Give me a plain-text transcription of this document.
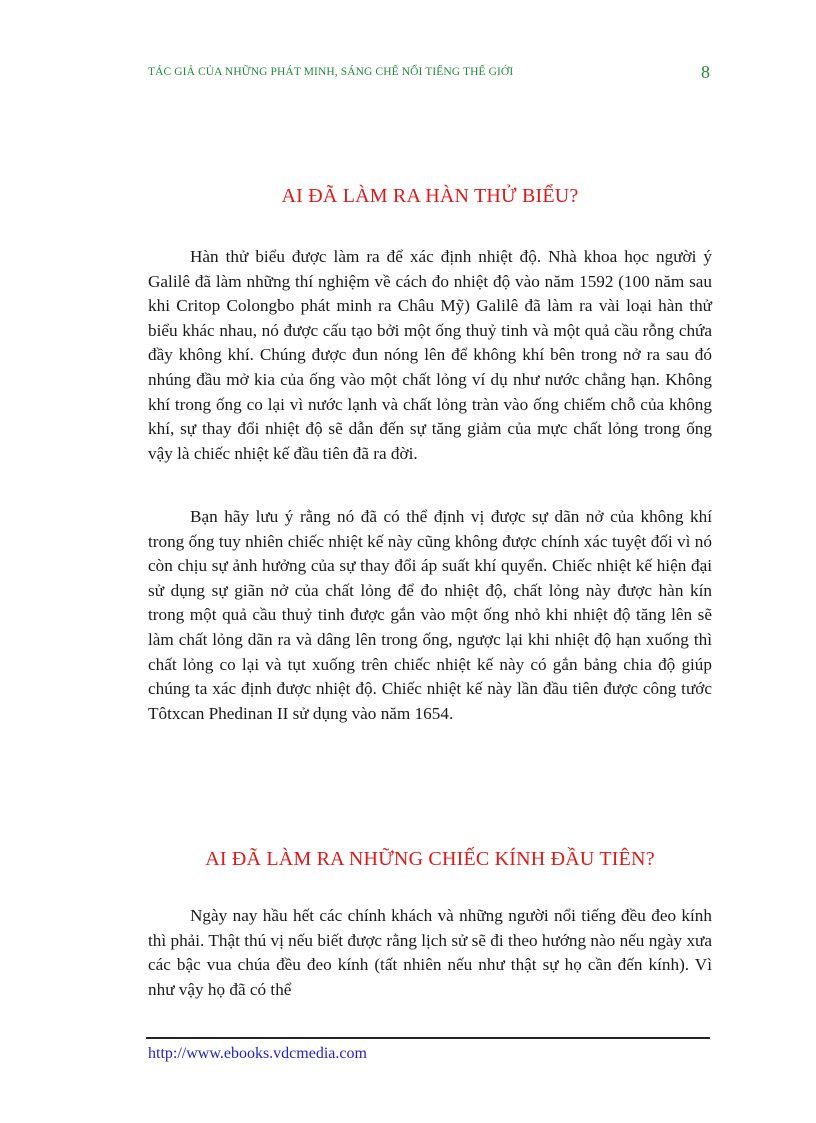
TÁC GIẢ CỦA NHỮNG PHÁT MINH, SÁNG CHẾ NỔI TIẾNG THẾ GIỚI	8
AI ĐÃ LÀM RA HÀN THỬ BIỂU?

Hàn thử biểu được làm ra để xác định nhiệt độ. Nhà khoa học người ý Galilê đã làm những thí nghiệm về cách đo nhiệt độ vào năm 1592 (100 năm sau khi Critop Colongbo phát minh ra Châu Mỹ) Galilê đã làm ra vài loại hàn thử biểu khác nhau, nó được cấu tạo bởi một ống thuỷ tinh và một quả cầu rỗng chứa đầy không khí. Chúng được đun nóng lên để không khí bên trong nở ra sau đó nhúng đầu mở kia của ống vào một chất lỏng ví dụ như nước chẳng hạn. Không khí trong ống co lại vì nước lạnh và chất lỏng tràn vào ống chiếm chỗ của không khí, sự thay đổi nhiệt độ sẽ dẫn đến sự tăng giảm của mực chất lỏng trong ống vậy là chiếc nhiệt kế đầu tiên đã ra đời.

Bạn hãy lưu ý rằng nó đã có thể định vị được sự dãn nở của không khí trong ống tuy nhiên chiếc nhiệt kế này cũng không được chính xác tuyệt đối vì nó còn chịu sự ảnh hưởng của sự thay đổi áp suất khí quyển. Chiếc nhiệt kế hiện đại sử dụng sự giãn nở của chất lỏng để đo nhiệt độ, chất lỏng này được hàn kín trong một quả cầu thuỷ tinh được gắn vào một ống nhỏ khi nhiệt độ tăng lên sẽ làm chất lỏng dãn ra và dâng lên trong ống, ngược lại khi nhiệt độ hạn xuống thì chất lỏng co lại và tụt xuống trên chiếc nhiệt kế này có gắn bảng chia độ giúp chúng ta xác định được nhiệt độ. Chiếc nhiệt kế này lần đầu tiên được công tước Tôtxcan Phedinan II sử dụng vào năm 1654.

AI ĐÃ LÀM RA NHỮNG CHIẾC KÍNH ĐẦU TIÊN?

Ngày nay hầu hết các chính khách và những người nổi tiếng đều đeo kính thì phải. Thật thú vị nếu biết được rằng lịch sử sẽ đi theo hướng nào nếu ngày xưa các bậc vua chúa đều đeo kính (tất nhiên nếu như thật sự họ cần đến kính). Vì như vậy họ đã có thể

http://www.ebooks.vdcmedia.com
